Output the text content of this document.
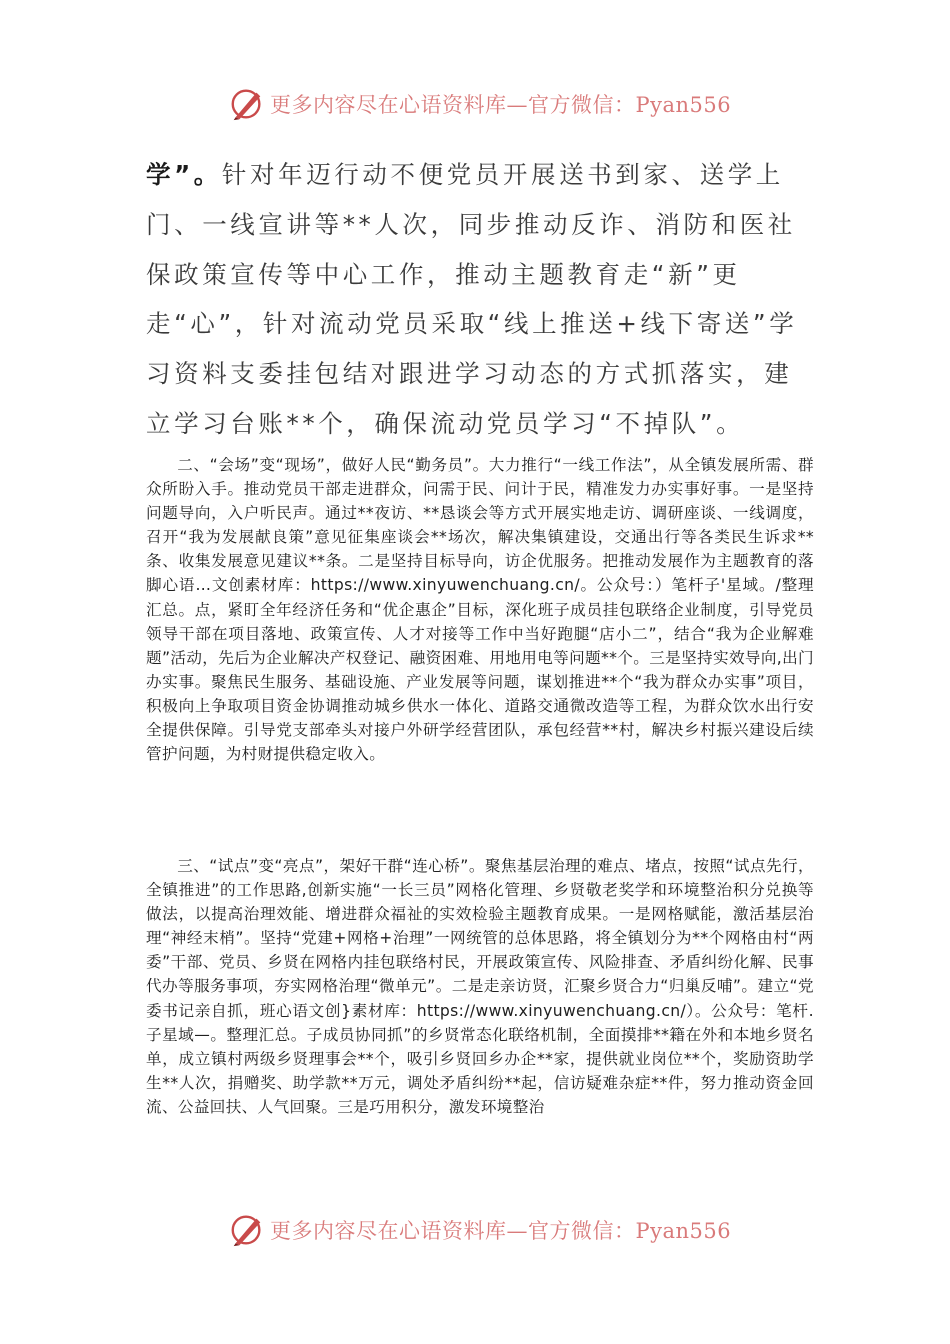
更多内容尽在心语资料库—官方微信：Pyan556

学”。针对年迈行动不便党员开展送书到家、送学上门、一线宣讲等**人次，同步推动反诈、消防和医社保政策宣传等中心工作，推动主题教育走“新”更走“心”，针对流动党员采取“线上推送+线下寄送”学习资料支委挂包结对跟进学习动态的方式抓落实，建立学习台账**个，确保流动党员学习“不掉队”。

二、“会场”变“现场”，做好人民“勤务员”。大力推行“一线工作法”，从全镇发展所需、群众所盼入手。推动党员干部走进群众，问需于民、问计于民，精准发力办实事好事。一是坚持问题导向，入户听民声。通过**夜访、**恳谈会等方式开展实地走访、调研座谈、一线调度，召开“我为发展献良策”意见征集座谈会**场次，解决集镇建设，交通出行等各类民生诉求**条、收集发展意见建议**条。二是坚持目标导向，访企优服务。把推动发展作为主题教育的落脚心语…文创素材库：https://www.xinyuwenchuang.cn/。公众号：）笔杆子'星域。/整理汇总。点，紧盯全年经济任务和“优企惠企”目标，深化班子成员挂包联络企业制度，引导党员领导干部在项目落地、政策宣传、人才对接等工作中当好跑腿“店小二”，结合“我为企业解难题”活动，先后为企业解决产权登记、融资困难、用地用电等问题**个。三是坚持实效导向,出门办实事。聚焦民生服务、基础设施、产业发展等问题，谋划推进**个“我为群众办实事”项目，积极向上争取项目资金协调推动城乡供水一体化、道路交通微改造等工程，为群众饮水出行安全提供保障。引导党支部牵头对接户外研学经营团队，承包经营**村，解决乡村振兴建设后续管护问题，为村财提供稳定收入。

三、“试点”变“亮点”，架好干群“连心桥”。聚焦基层治理的难点、堵点，按照“试点先行，全镇推进”的工作思路,创新实施“一长三员”网格化管理、乡贤敬老奖学和环境整治积分兑换等做法，以提高治理效能、增进群众福祉的实效检验主题教育成果。一是网格赋能，激活基层治理“神经末梢”。坚持“党建+网格+治理”一网统管的总体思路，将全镇划分为**个网格由村“两委”干部、党员、乡贤在网格内挂包联络村民，开展政策宣传、风险排查、矛盾纠纷化解、民事代办等服务事项，夯实网格治理“微单元”。二是走亲访贤，汇聚乡贤合力“归巢反哺”。建立“党委书记亲自抓，班心语文创}素材库：https://www.xinyuwenchuang.cn/）。公众号：笔杆.子星域—。整理汇总。子成员协同抓”的乡贤常态化联络机制，全面摸排**籍在外和本地乡贤名单，成立镇村两级乡贤理事会**个，吸引乡贤回乡办企**家，提供就业岗位**个，奖励资助学生**人次，捐赠奖、助学款**万元，调处矛盾纠纷**起，信访疑难杂症**件，努力推动资金回流、公益回扶、人气回聚。三是巧用积分，激发环境整治

更多内容尽在心语资料库—官方微信：Pyan556
